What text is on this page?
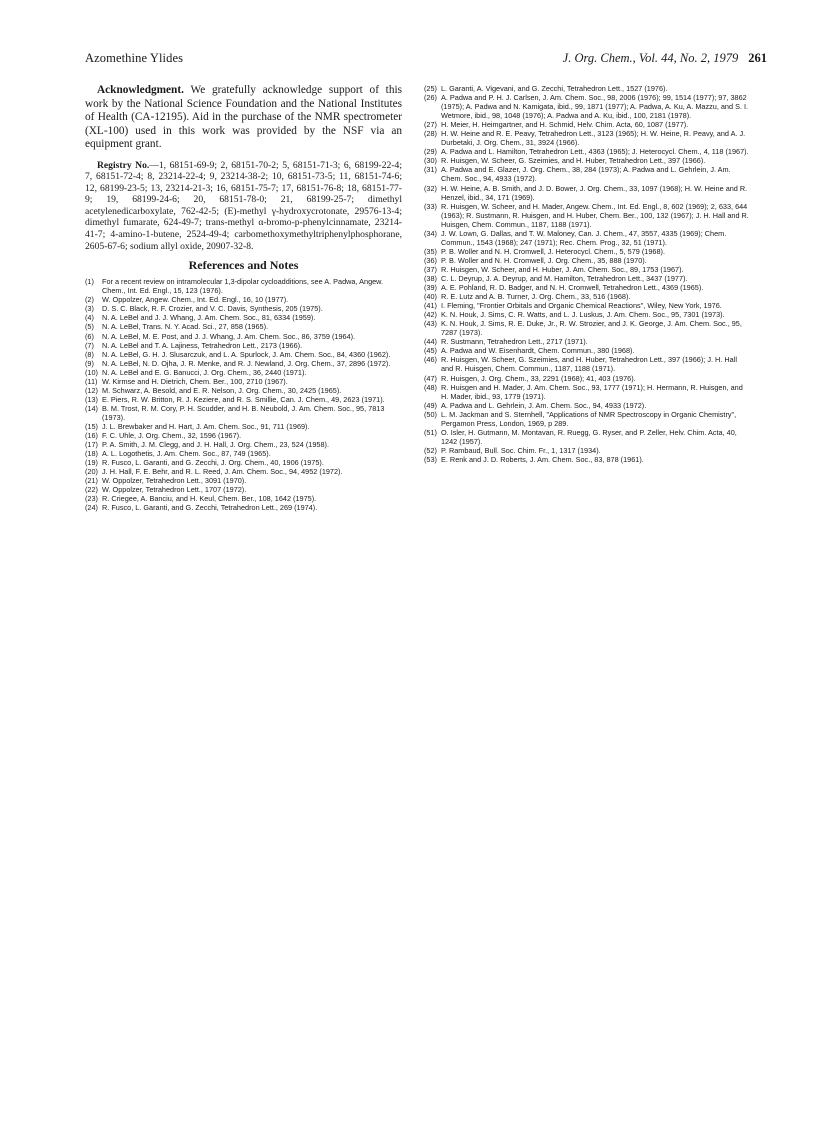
Azomethine Ylides	J. Org. Chem., Vol. 44, No. 2, 1979 261

Acknowledgment. We gratefully acknowledge support of this work by the National Science Foundation and the National Institutes of Health (CA-12195). Aid in the purchase of the NMR spectrometer (XL-100) used in this work was provided by the NSF via an equipment grant.

Registry No.—1, 68151-69-9; 2, 68151-70-2; 5, 68151-71-3; 6, 68199-22-4; 7, 68151-72-4; 8, 23214-22-4; 9, 23214-38-2; 10, 68151-73-5; 11, 68151-74-6; 12, 68199-23-5; 13, 23214-21-3; 16, 68151-75-7; 17, 68151-76-8; 18, 68151-77-9; 19, 68199-24-6; 20, 68151-78-0; 21, 68199-25-7; dimethyl acetylenedicarboxylate, 762-42-5; (E)-methyl γ-hydroxycrotonate, 29576-13-4; dimethyl fumarate, 624-49-7; trans-methyl α-bromo-p-phenylcinnamate, 23214-41-7; 4-amino-1-butene, 2524-49-4; carbomethoxymethyltriphenylphosphorane, 2605-67-6; sodium allyl oxide, 20907-32-8.

References and Notes
(1)	For a recent review on intramolecular 1,3-dipolar cycloadditions, see A. Padwa, Angew. Chem., Int. Ed. Engl., 15, 123 (1976).
(2)	W. Oppolzer, Angew. Chem., Int. Ed. Engl., 16, 10 (1977).
(3)	D. S. C. Black, R. F. Crozier, and V. C. Davis, Synthesis, 205 (1975).
(4)	N. A. LeBel and J. J. Whang, J. Am. Chem. Soc., 81, 6334 (1959).
(5)	N. A. LeBel, Trans. N. Y. Acad. Sci., 27, 858 (1965).
(6)	N. A. LeBel, M. E. Post, and J. J. Whang, J. Am. Chem. Soc., 86, 3759 (1964).
(7)	N. A. LeBel and T. A. Lajiness, Tetrahedron Lett., 2173 (1966).
(8)	N. A. LeBel, G. H. J. Slusarczuk, and L. A. Spurlock, J. Am. Chem. Soc., 84, 4360 (1962).
(9)	N. A. LeBel, N. D. Ojha, J. R. Menke, and R. J. Newland, J. Org. Chem., 37, 2896 (1972).
(10) N. A. LeBel and E. G. Banucci, J. Org. Chem., 36, 2440 (1971).
(11) W. Kirmse and H. Dietrich, Chem. Ber., 100, 2710 (1967).
(12) M. Schwarz, A. Besold, and E. R. Nelson, J. Org. Chem., 30, 2425 (1965).
(13) E. Piers, R. W. Britton, R. J. Keziere, and R. S. Smillie, Can. J. Chem., 49, 2623 (1971).
(14) B. M. Trost, R. M. Cory, P. H. Scudder, and H. B. Neubold, J. Am. Chem. Soc., 95, 7813 (1973).
(15) J. L. Brewbaker and H. Hart, J. Am. Chem. Soc., 91, 711 (1969).
(16) F. C. Uhle, J. Org. Chem., 32, 1596 (1967).
(17) P. A. Smith, J. M. Clegg, and J. H. Hall, J. Org. Chem., 23, 524 (1958).
(18) A. L. Logothetis, J. Am. Chem. Soc., 87, 749 (1965).
(19) R. Fusco, L. Garanti, and G. Zecchi, J. Org. Chem., 40, 1906 (1975).
(20) J. H. Hall, F. E. Behr, and R. L. Reed, J. Am. Chem. Soc., 94, 4952 (1972).
(21) W. Oppolzer, Tetrahedron Lett., 3091 (1970).
(22) W. Oppolzer, Tetrahedron Lett., 1707 (1972).
(23) R. Criegee, A. Banciu, and H. Keul, Chem. Ber., 108, 1642 (1975).
(24) R. Fusco, L. Garanti, and G. Zecchi, Tetrahedron Lett., 269 (1974).
(25) L. Garanti, A. Vigevani, and G. Zecchi, Tetrahedron Lett., 1527 (1976).
(26) A. Padwa and P. H. J. Carlsen, J. Am. Chem. Soc., 98, 2006 (1976); 99, 1514 (1977); 97, 3862 (1975); A. Padwa and N. Kamigata, ibid., 99, 1871 (1977); A. Padwa, A. Ku, A. Mazzu, and S. I. Wetmore, ibid., 98, 1048 (1976); A. Padwa and A. Ku, ibid., 100, 2181 (1978).
(27) H. Meier, H. Heimgartner, and H. Schmid, Helv. Chim. Acta, 60, 1087 (1977).
(28) H. W. Heine and R. E. Peavy, Tetrahedron Lett., 3123 (1965); H. W. Heine, R. Peavy, and A. J. Durbetaki, J. Org. Chem., 31, 3924 (1966).
(29) A. Padwa and L. Hamilton, Tetrahedron Lett., 4363 (1965); J. Heterocycl. Chem., 4, 118 (1967).
(30) R. Huisgen, W. Scheer, G. Szeimies, and H. Huber, Tetrahedron Lett., 397 (1966).
(31) A. Padwa and E. Glazer, J. Org. Chem., 38, 284 (1973); A. Padwa and L. Gehrlein, J. Am. Chem. Soc., 94, 4933 (1972).
(32) H. W. Heine, A. B. Smith, and J. D. Bower, J. Org. Chem., 33, 1097 (1968); H. W. Heine and R. Henzel, ibid., 34, 171 (1969).
(33) R. Huisgen, W. Scheer, and H. Mader, Angew. Chem., Int. Ed. Engl., 8, 602 (1969); 2, 633, 644 (1963); R. Sustmann, R. Huisgen, and H. Huber, Chem. Ber., 100, 132 (1967); J. H. Hall and R. Huisgen, Chem. Commun., 1187, 1188 (1971).
(34) J. W. Lown, G. Dallas, and T. W. Maloney, Can. J. Chem., 47, 3557, 4335 (1969); Chem. Commun., 1543 (1968); 247 (1971); Rec. Chem. Prog., 32, 51 (1971).
(35) P. B. Woller and N. H. Cromwell, J. Heterocycl. Chem., 5, 579 (1968).
(36) P. B. Woller and N. H. Cromwell, J. Org. Chem., 35, 888 (1970).
(37) R. Huisgen, W. Scheer, and H. Huber, J. Am. Chem. Soc., 89, 1753 (1967).
(38) C. L. Deyrup, J. A. Deyrup, and M. Hamilton, Tetrahedron Lett., 3437 (1977).
(39) A. E. Pohland, R. D. Badger, and N. H. Cromwell, Tetrahedron Lett., 4369 (1965).
(40) R. E. Lutz and A. B. Turner, J. Org. Chem., 33, 516 (1968).
(41) I. Fleming, "Frontier Orbitals and Organic Chemical Reactions", Wiley, New York, 1976.
(42) K. N. Houk, J. Sims, C. R. Watts, and L. J. Luskus, J. Am. Chem. Soc., 95, 7301 (1973).
(43) K. N. Houk, J. Sims, R. E. Duke, Jr., R. W. Strozier, and J. K. George, J. Am. Chem. Soc., 95, 7287 (1973).
(44) R. Sustmann, Tetrahedron Lett., 2717 (1971).
(45) A. Padwa and W. Eisenhardt, Chem. Commun., 380 (1968).
(46) R. Huisgen, W. Scheer, G. Szeimies, and H. Huber, Tetrahedron Lett., 397 (1966); J. H. Hall and R. Huisgen, Chem. Commun., 1187, 1188 (1971).
(47) R. Huisgen, J. Org. Chem., 33, 2291 (1968); 41, 403 (1976).
(48) R. Huisgen and H. Mader, J. Am. Chem. Soc., 93, 1777 (1971); H. Hermann, R. Huisgen, and H. Mader, ibid., 93, 1779 (1971).
(49) A. Padwa and L. Gehrlein, J. Am. Chem. Soc., 94, 4933 (1972).
(50) L. M. Jackman and S. Sternhell, "Applications of NMR Spectroscopy in Organic Chemistry", Pergamon Press, London, 1969, p 289.
(51) O. Isler, H. Gutmann, M. Montavan, R. Ruegg, G. Ryser, and P. Zeller, Helv. Chim. Acta, 40, 1242 (1957).
(52) P. Rambaud, Bull. Soc. Chim. Fr., 1, 1317 (1934).
(53) E. Renk and J. D. Roberts, J. Am. Chem. Soc., 83, 878 (1961).
